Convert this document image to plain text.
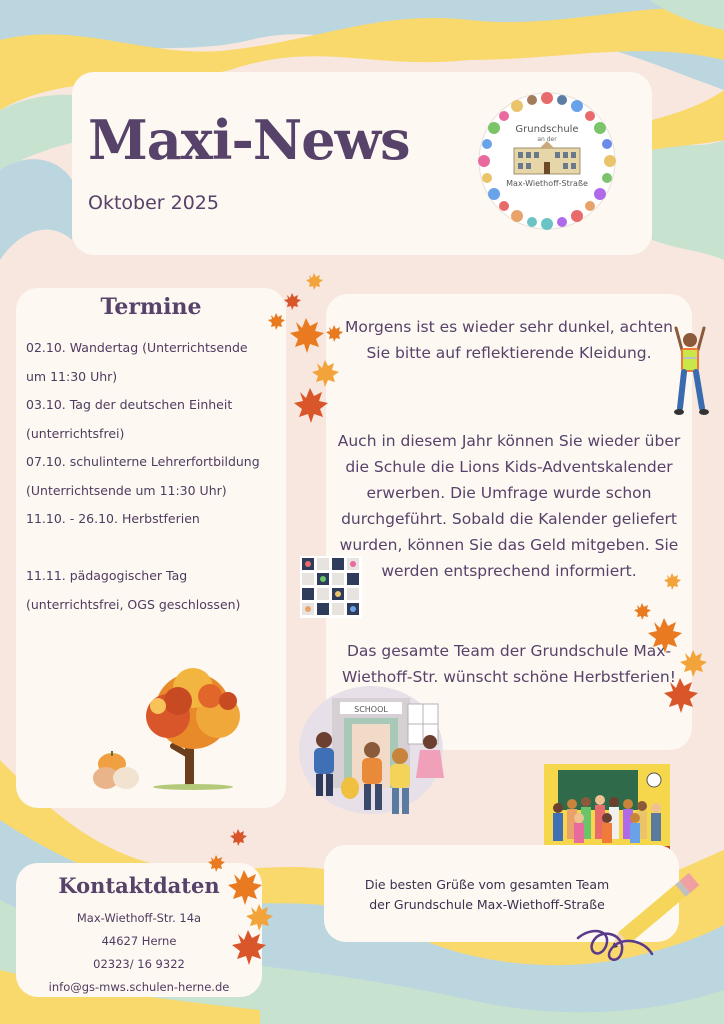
Maxi-News
Oktober 2025
Grundschule
an der
Max-Wiethoff-Straße
Termine
02.10. Wandertag (Unterrichtsende
um 11:30 Uhr)
03.10. Tag der deutschen Einheit
(unterrichtsfrei)
07.10. schulinterne Lehrerfortbildung
(Unterrichtsende um 11:30 Uhr)
11.10. - 26.10. Herbstferien

11.11. pädagogischer Tag
(unterrichtsfrei, OGS geschlossen)
Morgens ist es wieder sehr dunkel, achten Sie bitte auf reflektierende Kleidung.
Auch in diesem Jahr können Sie wieder über die Schule die Lions Kids-Adventskalender erwerben. Die Umfrage wurde schon durchgeführt. Sobald die Kalender geliefert wurden, können Sie das Geld mitgeben. Sie werden entsprechend informiert.
Das gesamte Team der Grundschule Max-Wiethoff-Str. wünscht schöne Herbstferien!
SCHOOL
Kontaktdaten
Max-Wiethoff-Str. 14a
44627 Herne
02323/ 16 9322
info@gs-mws.schulen-herne.de
Die besten Grüße vom gesamten Team
der Grundschule Max-Wiethoff-Straße
